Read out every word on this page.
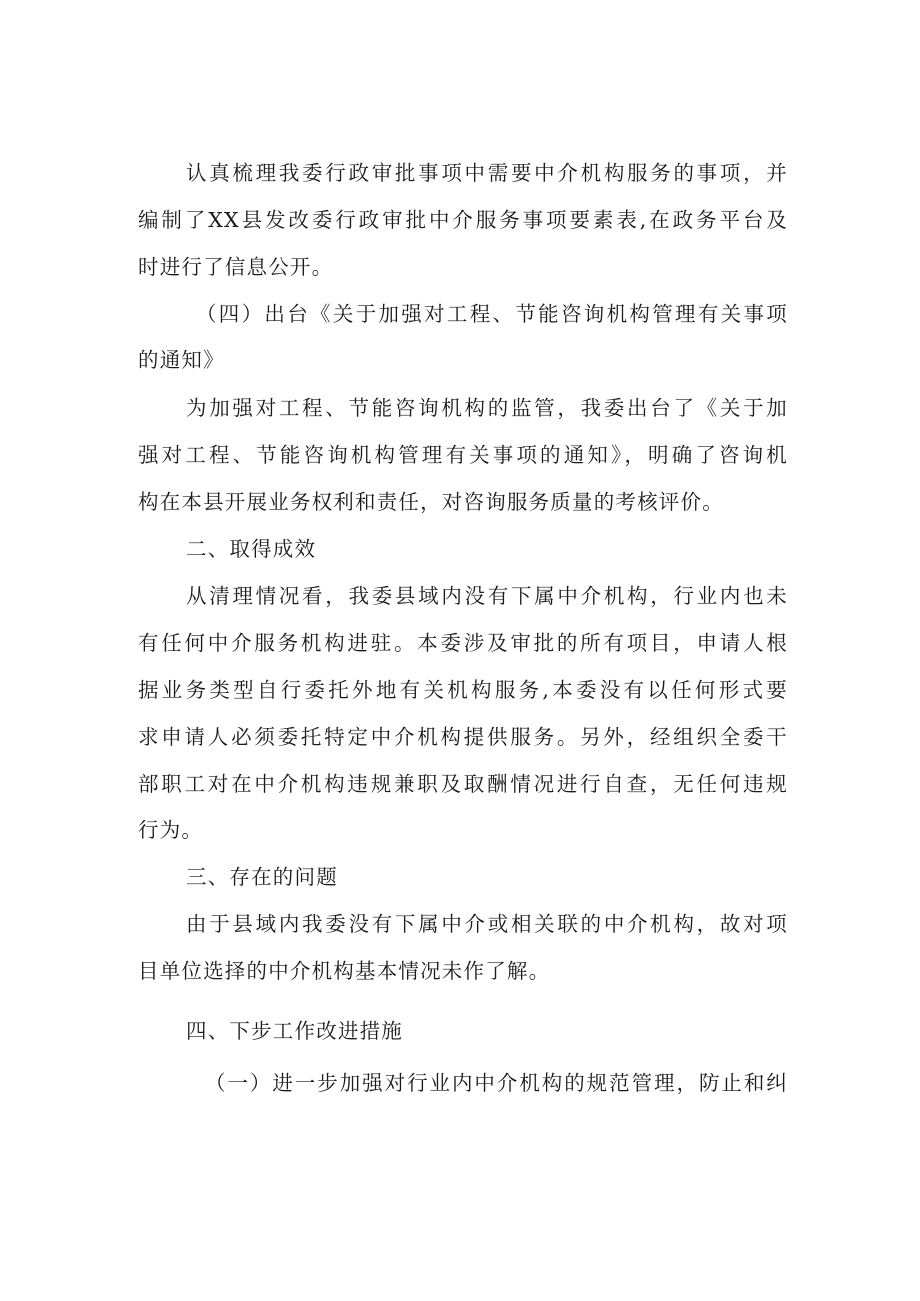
认真梳理我委行政审批事项中需要中介机构服务的事项，并
编制了XX县发改委行政审批中介服务事项要素表,在政务平台及
时进行了信息公开。
（四）出台《关于加强对工程、节能咨询机构管理有关事项
的通知》
为加强对工程、节能咨询机构的监管，我委出台了《关于加
强对工程、节能咨询机构管理有关事项的通知》，明确了咨询机
构在本县开展业务权利和责任，对咨询服务质量的考核评价。
二、取得成效
从清理情况看，我委县域内没有下属中介机构，行业内也未
有任何中介服务机构进驻。本委涉及审批的所有项目，申请人根
据业务类型自行委托外地有关机构服务,本委没有以任何形式要
求申请人必须委托特定中介机构提供服务。另外，经组织全委干
部职工对在中介机构违规兼职及取酬情况进行自查，无任何违规
行为。
三、存在的问题
由于县域内我委没有下属中介或相关联的中介机构，故对项
目单位选择的中介机构基本情况未作了解。
四、下步工作改进措施
（一）进一步加强对行业内中介机构的规范管理，防止和纠
